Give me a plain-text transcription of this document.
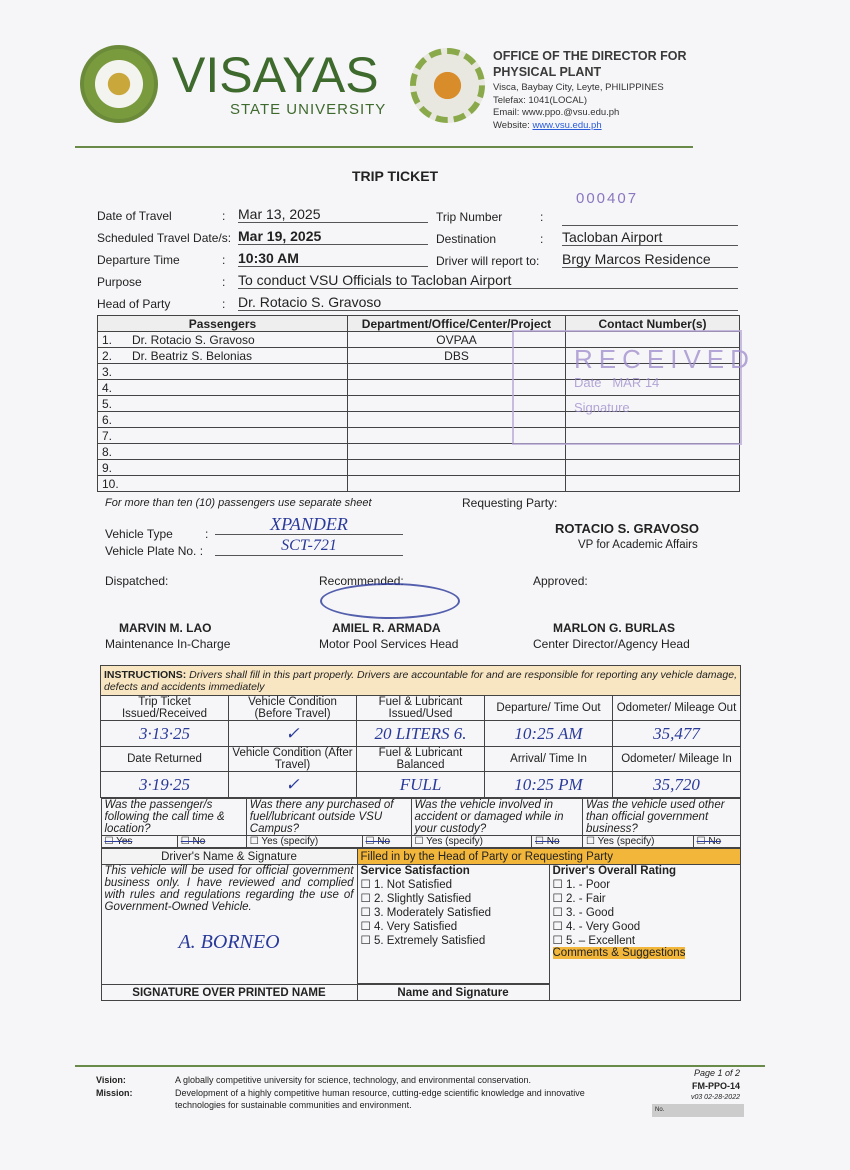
VISAYAS
STATE UNIVERSITY
OFFICE OF THE DIRECTOR FOR
PHYSICAL PLANT
Visca, Baybay City, Leyte, PHILIPPINES
Telefax: 1041(LOCAL)
Email: www.ppo.@vsu.edu.ph
Website: www.vsu.edu.ph
TRIP TICKET
000407
Date of Travel	: Mar 13, 2025
Scheduled Travel Date/s: Mar 19, 2025
Departure Time	: 10:30 AM
Purpose	: To conduct VSU Officials to Tacloban Airport
Head of Party	: Dr. Rotacio S. Gravoso
Trip Number	:
Destination	: Tacloban Airport
Driver will report to: Brgy Marcos Residence
Passengers	Department/Office/Center/Project	Contact Number(s)
1. Dr. Rotacio S. Gravoso	OVPAA	
2. Dr. Beatriz S. Belonias	DBS	
3.		
4.		
5.		
6.		
7.		
8.		
9.		
10.		
RECEIVED
Date MAR 14
Signature
For more than ten (10) passengers use separate sheet	Requesting Party:
Vehicle Type	:	XPANDER
Vehicle Plate No. :	SCT-721
ROTACIO S. GRAVOSO
VP for Academic Affairs
Dispatched:	Recommended:	Approved:
MARVIN M. LAO	AMIEL R. ARMADA	MARLON G. BURLAS
Maintenance In-Charge	Motor Pool Services Head	Center Director/Agency Head
INSTRUCTIONS: Drivers shall fill in this part properly. Drivers are accountable for and are responsible for reporting any vehicle damage, defects and accidents immediately
Trip Ticket Issued/Received	Vehicle Condition (Before Travel)	Fuel & Lubricant Issued/Used	Departure/ Time Out	Odometer/ Mileage Out
3·13·25	✓	20 LITERS 6.	10:25 AM	35,477
Date Returned	Vehicle Condition (After Travel)	Fuel & Lubricant Balanced	Arrival/ Time In	Odometer/ Mileage In
3·19·25	✓	FULL	10:25 PM	35,720

Was the passenger/s following the call time & location?	Was there any purchased of fuel/lubricant outside VSU Campus?	Was the vehicle involved in accident or damaged while in your custody?	Was the vehicle used other than official government business?
☐ Yes	☐ No	☐ Yes (specify)	☐ No	☐ Yes (specify)	☐ No	☐ Yes (specify)	☐ No

Driver's Name & Signature	Filled in by the Head of Party or Requesting Party

This vehicle will be used for official government business only. I have reviewed and complied with rules and regulations regarding the use of Government-Owned Vehicle.
A. BORNEO
	Service Satisfaction
☐ 1. Not Satisfied
☐ 2. Slightly Satisfied
☐ 3. Moderately Satisfied
☐ 4. Very Satisfied
☐ 5. Extremely Satisfied
	Driver's Overall Rating
☐ 1. - Poor
☐ 2. - Fair
☐ 3. - Good
☐ 4. - Very Good
☐ 5. – Excellent
Comments & Suggestions

SIGNATURE OVER PRINTED NAME	Name and Signature
Vision:
Mission:
A globally competitive university for science, technology, and environmental conservation.
Development of a highly competitive human resource, cutting-edge scientific knowledge and innovative technologies for sustainable communities and environment.
Page 1 of 2
FM-PPO-14
v03 02-28-2022
No.
